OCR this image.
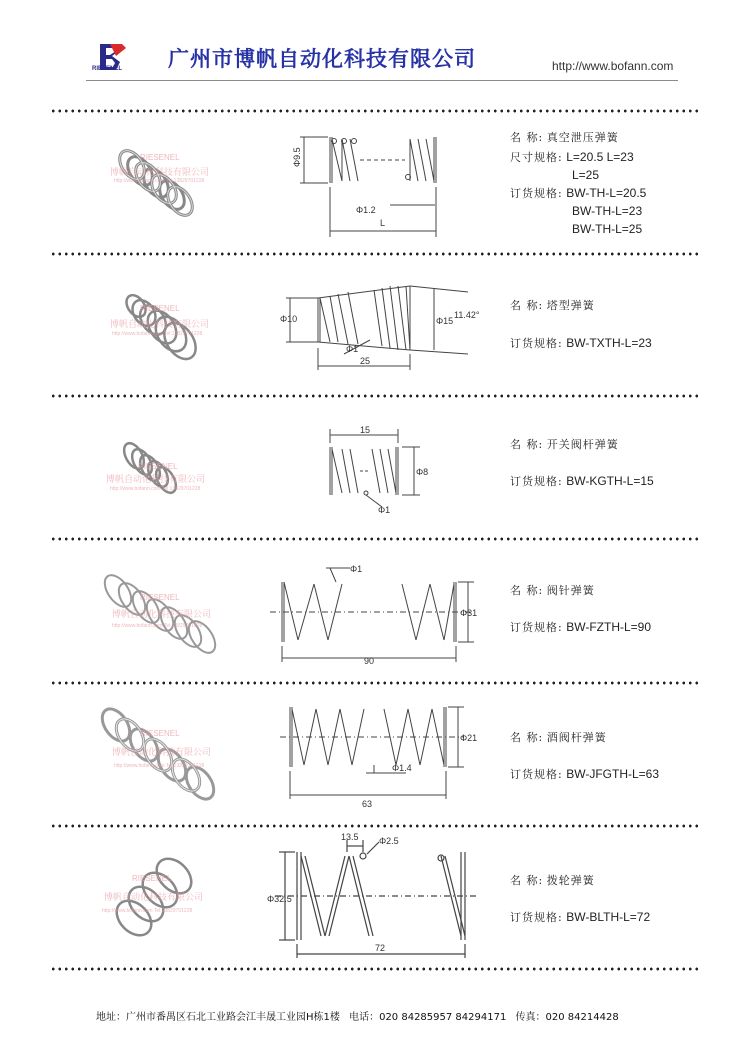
RIESENEL 广州市博帆自动化科技有限公司	http://www.bofann.com
RIESENEL
博帆自动化科技有限公司
http://www.bofann.com Tel:13829701228
Φ9.5
Φ1.2
L
名 称: 真空泄压弹簧
尺寸规格: L=20.5 L=23
L=25
订货规格: BW-TH-L=20.5
BW-TH-L=23
BW-TH-L=25
RIESENEL
博帆自动化科技有限公司
http://www.bofann.com Tel:13829701228
Φ10	Φ15
11.42°
Φ1
25
名 称: 塔型弹簧
订货规格: BW-TXTH-L=23
RIESENEL
博帆自动化科技有限公司
http://www.bofann.com Tel:13829701228
15
Φ8
Φ1
名 称: 开关阀杆弹簧
订货规格: BW-KGTH-L=15
RIESENEL
博帆自动化科技有限公司
http://www.bofann.com Tel:13829701228
Φ1
Φ31
90
名 称: 阀针弹簧
订货规格: BW-FZTH-L=90
RIESENEL
博帆自动化科技有限公司
http://www.bofann.com Tel:13829701228
Φ21
Φ1.4
63
名 称: 酒阀杆弹簧
订货规格: BW-JFGTH-L=63
RIESENEL
博帆自动化科技有限公司
http://www.bofann.com Tel:13829701228
13.5 Φ2.5
Φ32.5
72
名 称: 拨轮弹簧
订货规格: BW-BLTH-L=72
地址：广州市番禺区石北工业路会江丰晟工业园H栋1楼 电话：020 84285957 84294171 传真：020 84214428
